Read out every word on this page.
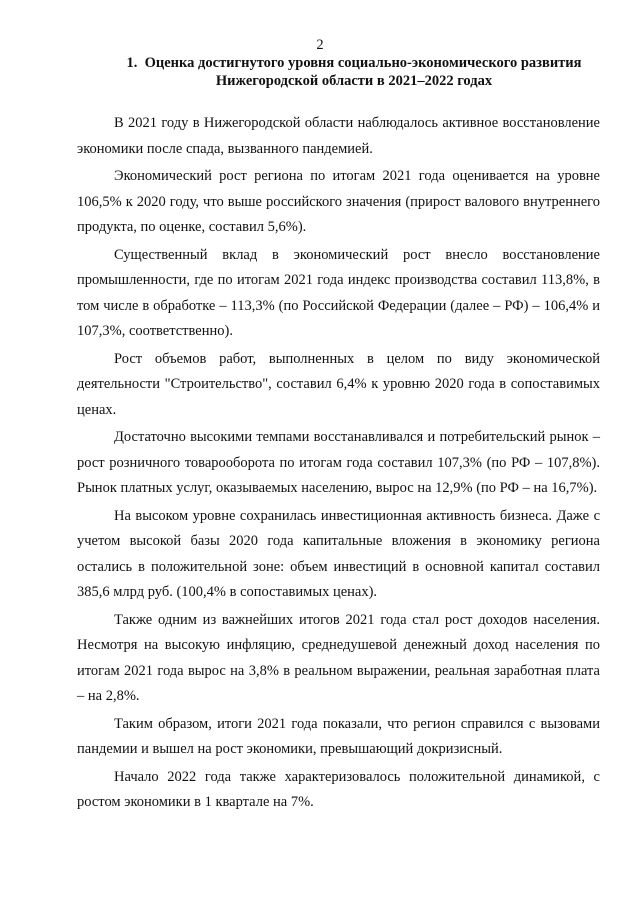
2
1. Оценка достигнутого уровня социально-экономического развития
Нижегородской области в 2021–2022 годах

В 2021 году в Нижегородской области наблюдалось активное восстановление экономики после спада, вызванного пандемией.

Экономический рост региона по итогам 2021 года оценивается на уровне 106,5% к 2020 году, что выше российского значения (прирост валового внутреннего продукта, по оценке, составил 5,6%).

Существенный вклад в экономический рост внесло восстановление промышленности, где по итогам 2021 года индекс производства составил 113,8%, в том числе в обработке – 113,3% (по Российской Федерации (далее – РФ) – 106,4% и 107,3%, соответственно).

Рост объемов работ, выполненных в целом по виду экономической деятельности "Строительство", составил 6,4% к уровню 2020 года в сопоставимых ценах.

Достаточно высокими темпами восстанавливался и потребительский рынок – рост розничного товарооборота по итогам года составил 107,3% (по РФ – 107,8%). Рынок платных услуг, оказываемых населению, вырос на 12,9% (по РФ – на 16,7%).

На высоком уровне сохранилась инвестиционная активность бизнеса. Даже с учетом высокой базы 2020 года капитальные вложения в экономику региона остались в положительной зоне: объем инвестиций в основной капитал составил 385,6 млрд руб. (100,4% в сопоставимых ценах).

Также одним из важнейших итогов 2021 года стал рост доходов населения. Несмотря на высокую инфляцию, среднедушевой денежный доход населения по итогам 2021 года вырос на 3,8% в реальном выражении, реальная заработная плата – на 2,8%.

Таким образом, итоги 2021 года показали, что регион справился с вызовами пандемии и вышел на рост экономики, превышающий докризисный.

Начало 2022 года также характеризовалось положительной динамикой, с ростом экономики в 1 квартале на 7%.
